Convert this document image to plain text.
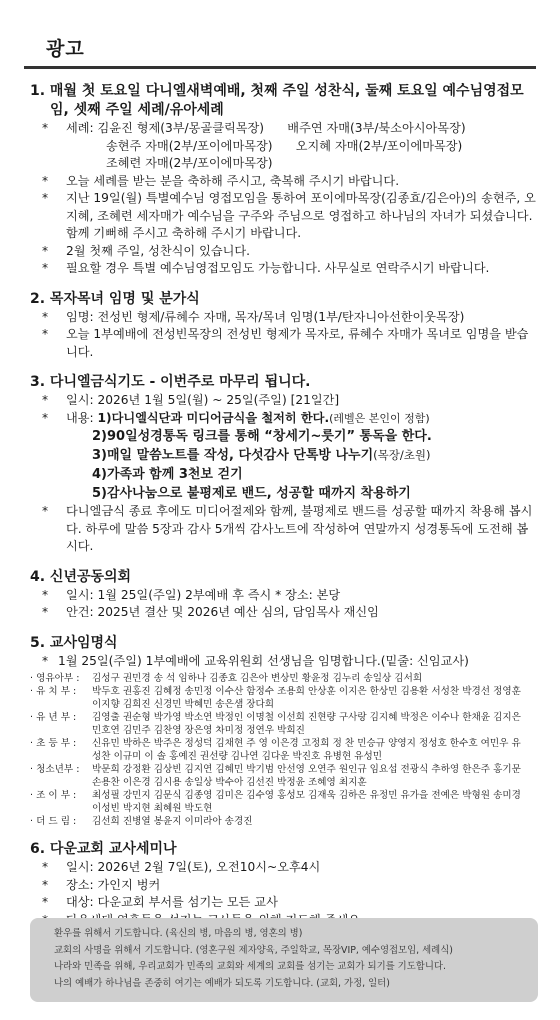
광고
1. 매월 첫 토요일 다니엘새벽예배, 첫째 주일 성찬식, 둘째 토요일 예수님영접모임, 셋째 주일 세례/유아세례
* 세례: 김윤진 형제(3부/몽골클릭목장)      배주연 자매(3부/북소아시아목장)
송현주 자매(2부/포이에마목장)      오지혜 자매(2부/포이에마목장)
조혜련 자매(2부/포이에마목장)
* 오늘 세례를 받는 분을 축하해 주시고, 축복해 주시기 바랍니다.
* 지난 19일(월) 특별예수님 영접모임을 통하여 포이에마목장(김종효/김은아)의 송현주, 오지혜, 조혜련 세자매가 예수님을 구주와 주님으로 영접하고 하나님의 자녀가 되셨습니다. 함께 기뻐해 주시고 축하해 주시기 바랍니다.
* 2월 첫째 주일, 성찬식이 있습니다.
* 필요할 경우 특별 예수님영접모임도 가능합니다. 사무실로 연락주시기 바랍니다.
2. 목자목녀 임명 및 분가식
* 임명: 전성빈 형제/류혜수 자매, 목자/목녀 임명(1부/탄자니아선한이웃목장)
* 오늘 1부예배에 전성빈목장의 전성빈 형제가 목자로, 류혜수 자매가 목녀로 임명을 받습니다.
3. 다니엘금식기도 - 이번주로 마무리 됩니다.
* 일시: 2026년 1월 5일(월) ~ 25일(주일) [21일간]
* 내용: 1)다니엘식단과 미디어금식을 철저히 한다.(레벨은 본인이 정함)
2)90일성경통독 링크를 통해 “창세기~룻기” 통독을 한다.
3)매일 말씀노트를 작성, 다섯감사 단톡방 나누기(목장/초원)
4)가족과 함께 3천보 걷기
5)감사나눔으로 불평제로 밴드, 성공할 때까지 착용하기
* 다니엘금식 종료 후에도 미디어절제와 함께, 불평제로 밴드를 성공할 때까지 착용해 봅시다. 하루에 말씀 5장과 감사 5개씩 감사노트에 작성하여 연말까지 성경통독에 도전해 봅시다.
4. 신년공동의회
* 일시: 1월 25일(주일) 2부예배 후 즉시 * 장소: 본당
* 안건: 2025년 결산 및 2026년 예산 심의, 담임목사 재신임
5. 교사임명식
* 1월 25일(주일) 1부예배에 교육위원회 선생님을 임명합니다.(밑줄: 신임교사)
· 영유아부 :	김성구 권민경 송 석 임하나 김종효 김은아 변상민 황윤정 김누리 송일상 김서희
· 유 치 부 :	박두호 권홍진 김혜정 송민정 이수산 함정수 조용희 안상훈 이지은 한상민 김용환 서성찬 박경선 정영훈 이지향 김희진 신경민 박혜민 송은샘 장다희
· 유 년 부 :	김영출 권순형 박가영 박소연 박정인 이명철 이선희 진현량 구사랑 김지혜 박정은 이수나 한채윤 김지은 민호연 김민주 김찬영 장은영 차미정 정연우 박희진
· 초 등 부 :	신유민 박하은 박주은 정성덕 김채현 주 영 이은경 고정희 정 찬 민승규 양영지 정성호 한수호 여민우 유성찬 이규미 이 솔 홍예진 권선량 김나연 김다운 박진호 유병현 유성민
· 청소년부 :	박문희 강정환 김상빈 김지연 김혜민 박기범 안선영 오연주 원인규 임요섭 전광식 추하영 한은주 홍기문 손용찬 이은경 김시용 송일상 박수아 김선진 박정윤 조혜영 최지훈
· 조 이 부 :	최성필 강민지 김문식 김종영 김미은 김수영 홍성모 김재욱 김하은 유정민 유가을 전예은 박형원 송미경 이성빈 박지현 최혜원 박도현
· 더 드 림 :	김선희 진병열 봉윤지 이미라아 송경진
6. 다운교회 교사세미나
* 일시: 2026년 2월 7일(토), 오전10시~오후4시
* 장소: 가인지 벙커
* 대상: 다운교회 부서를 섬기는 모든 교사
*
환우를 위해서 기도합니다. (육신의 병, 마음의 병, 영혼의 병)
교회의 사명을 위해서 기도합니다. (영혼구원 제자양육, 주일학교, 목장VIP, 예수영접모임, 세례식)
나라와 민족을 위해, 우리교회가 민족의 교회와 세계의 교회를 섬기는 교회가 되기를 기도합니다.
나의 예배가 하나님을 존중히 여기는 예배가 되도록 기도합니다. (교회, 가정, 일터)
